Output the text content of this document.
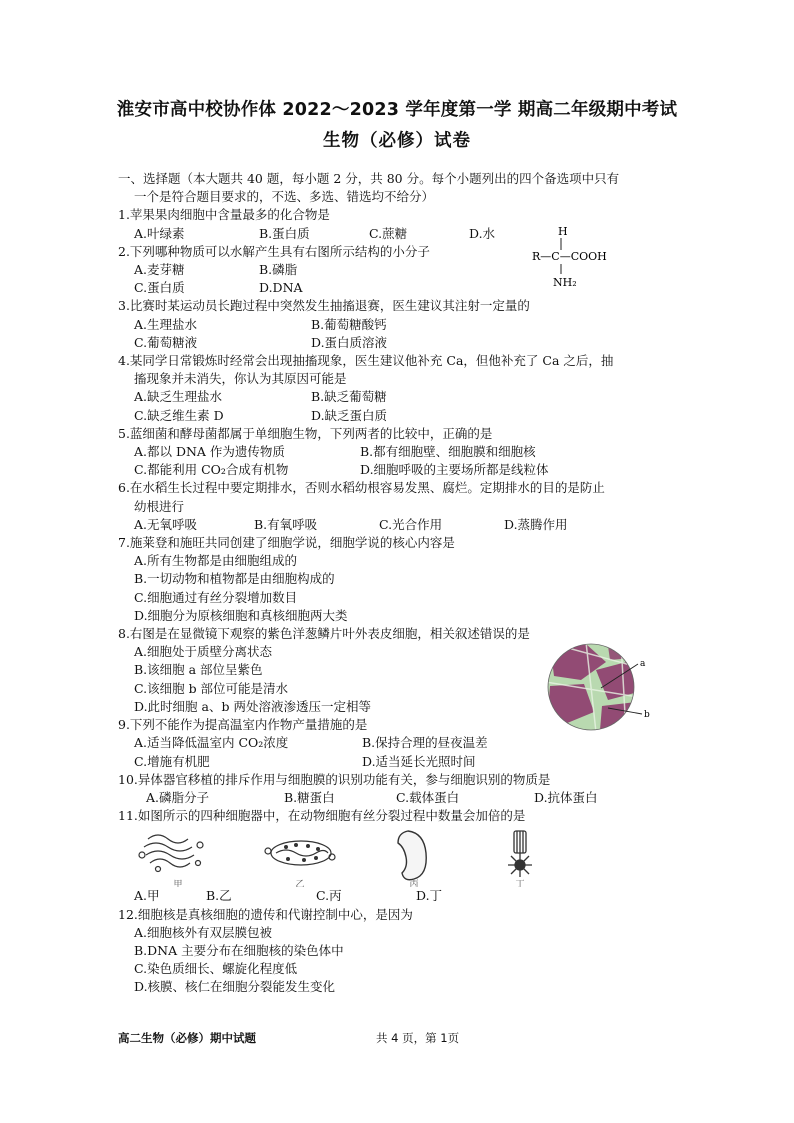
淮安市高中校协作体 2022～2023 学年度第一学 期高二年级期中考试
生物（必修）试卷
一、选择题（本大题共 40 题，每小题 2 分，共 80 分。每个小题列出的四个备选项中只有
一个是符合题目要求的，不选、多选、错选均不给分）
1.苹果果肉细胞中含量最多的化合物是
A.叶绿素	B.蛋白质	C.蔗糖	D.水
2.下列哪种物质可以水解产生具有右图所示结构的小分子
A.麦芽糖	B.磷脂
C.蛋白质	D.DNA
3.比赛时某运动员长跑过程中突然发生抽搐退赛，医生建议其注射一定量的
A.生理盐水	B.葡萄糖酸钙
C.葡萄糖液	D.蛋白质溶液
4.某同学日常锻炼时经常会出现抽搐现象，医生建议他补充 Ca，但他补充了 Ca 之后，抽
搐现象并未消失，你认为其原因可能是
A.缺乏生理盐水	B.缺乏葡萄糖
C.缺乏维生素 D	D.缺乏蛋白质
5.蓝细菌和酵母菌都属于单细胞生物，下列两者的比较中，正确的是
A.都以 DNA 作为遗传物质	B.都有细胞壁、细胞膜和细胞核
C.都能利用 CO₂合成有机物	D.细胞呼吸的主要场所都是线粒体
6.在水稻生长过程中要定期排水，否则水稻幼根容易发黑、腐烂。定期排水的目的是防止
幼根进行
A.无氧呼吸	B.有氧呼吸	C.光合作用	D.蒸腾作用
7.施莱登和施旺共同创建了细胞学说，细胞学说的核心内容是
A.所有生物都是由细胞组成的
B.一切动物和植物都是由细胞构成的
C.细胞通过有丝分裂增加数目
D.细胞分为原核细胞和真核细胞两大类
8.右图是在显微镜下观察的紫色洋葱鳞片叶外表皮细胞，相关叙述错误的是
A.细胞处于质壁分离状态
B.该细胞 a 部位呈紫色
C.该细胞 b 部位可能是清水
D.此时细胞 a、b 两处溶液渗透压一定相等
9.下列不能作为提高温室内作物产量措施的是
A.适当降低温室内 CO₂浓度	B.保持合理的昼夜温差
C.增施有机肥	D.适当延长光照时间
10.异体器官移植的排斥作用与细胞膜的识别功能有关，参与细胞识别的物质是
A.磷脂分子	B.糖蛋白	C.载体蛋白	D.抗体蛋白
11.如图所示的四种细胞器中，在动物细胞有丝分裂过程中数量会加倍的是
甲	乙	丙	丁
A.甲	B.乙	C.丙	D.丁
12.细胞核是真核细胞的遗传和代谢控制中心，是因为
A.细胞核外有双层膜包被
B.DNA 主要分布在细胞核的染色体中
C.染色质细长、螺旋化程度低
D.核膜、核仁在细胞分裂能发生变化
H
R—C—COOH
NH₂
a
b
高二生物（必修）期中试题	共 4 页，第 1页
